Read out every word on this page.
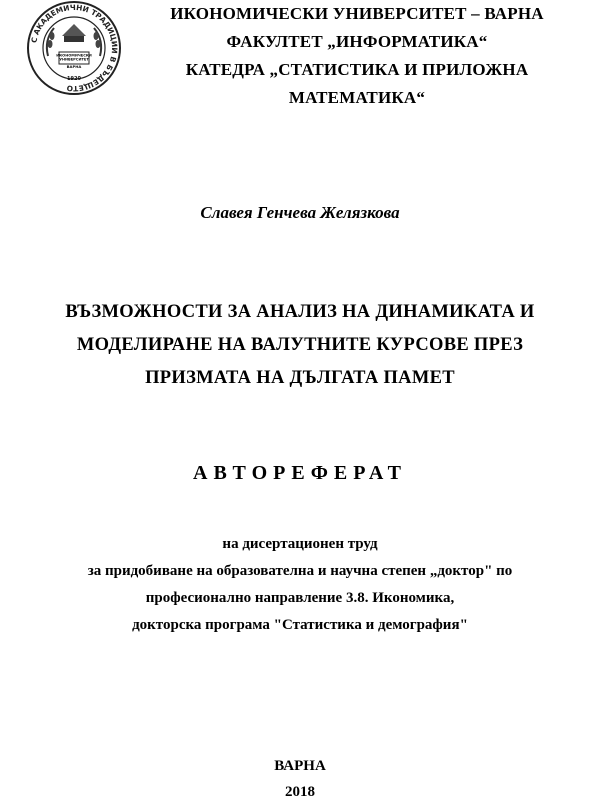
С АКАДЕМИЧНИ ТРАДИЦИИ В БЪДЕЩЕТО
ИКОНОМИЧЕСКИ
УНИВЕРСИТЕТ
ВАРНА
1920
ИКОНОМИЧЕСКИ УНИВЕРСИТЕТ – ВАРНА
ФАКУЛТЕТ „ИНФОРМАТИКА“
КАТЕДРА „СТАТИСТИКА И ПРИЛОЖНА
МАТЕМАТИКА“
Славея Генчева Желязкова
ВЪЗМОЖНОСТИ ЗА АНАЛИЗ НА ДИНАМИКАТА И
МОДЕЛИРАНЕ НА ВАЛУТНИТЕ КУРСОВЕ ПРЕЗ
ПРИЗМАТА НА ДЪЛГАТА ПАМЕТ
АВТОРЕФЕРАТ
на дисертационен труд
за придобиване на образователна и научна степен „доктор" по
професионално направление 3.8. Икономика,
докторска програма "Статистика и демография"
ВАРНА
2018
